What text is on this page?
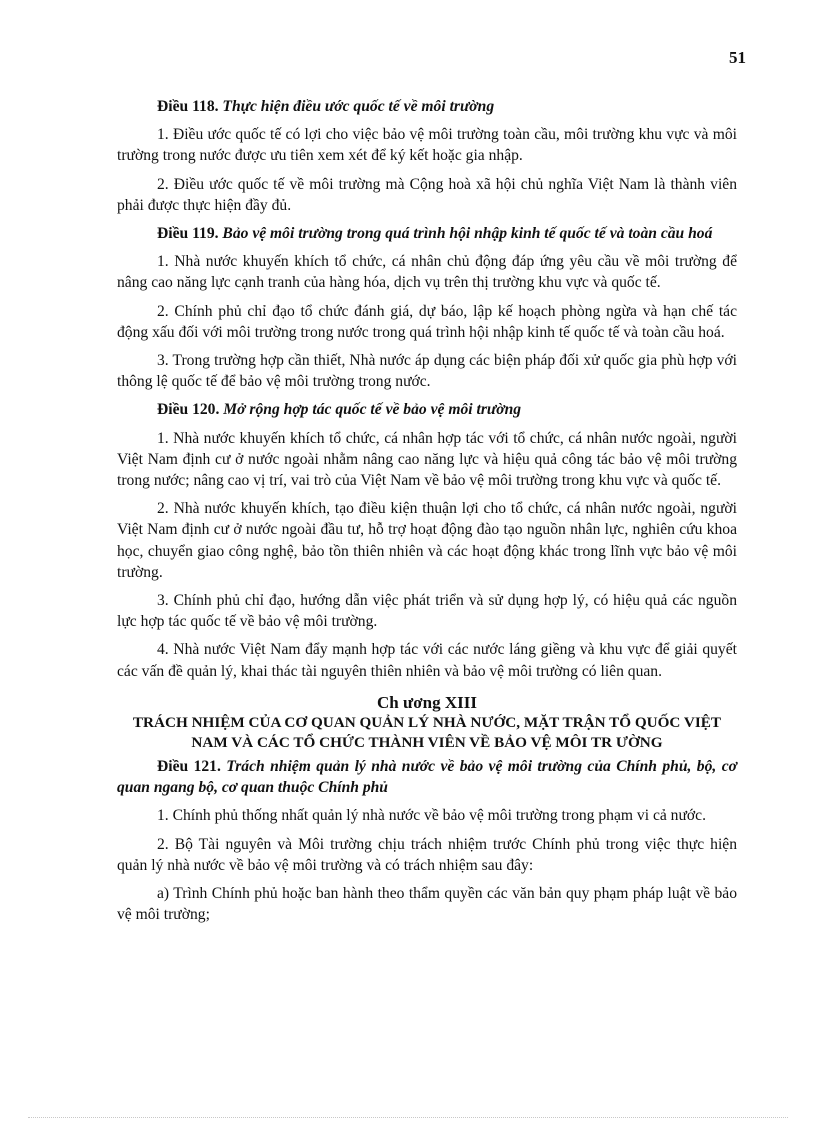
51

Điều 118. Thực hiện điều ước quốc tế về môi trường

1. Điều ước quốc tế có lợi cho việc bảo vệ môi trường toàn cầu, môi trường khu vực và môi trường trong nước được ưu tiên xem xét để ký kết hoặc gia nhập.

2. Điều ước quốc tế về môi trường mà Cộng hoà xã hội chủ nghĩa Việt Nam là thành viên phải được thực hiện đầy đủ.

Điều 119. Bảo vệ môi trường trong quá trình hội nhập kinh tế quốc tế và toàn cầu hoá

1. Nhà nước khuyến khích tổ chức, cá nhân chủ động đáp ứng yêu cầu về môi trường để nâng cao năng lực cạnh tranh của hàng hóa, dịch vụ trên thị trường khu vực và quốc tế.

2. Chính phủ chỉ đạo tổ chức đánh giá, dự báo, lập kế hoạch phòng ngừa và hạn chế tác động xấu đối với môi trường trong nước trong quá trình hội nhập kinh tế quốc tế và toàn cầu hoá.

3. Trong trường hợp cần thiết, Nhà nước áp dụng các biện pháp đối xử quốc gia phù hợp với thông lệ quốc tế để bảo vệ môi trường trong nước.

Điều 120. Mở rộng hợp tác quốc tế về bảo vệ môi trường

1. Nhà nước khuyến khích tổ chức, cá nhân hợp tác với tổ chức, cá nhân nước ngoài, người Việt Nam định cư ở nước ngoài nhằm nâng cao năng lực và hiệu quả công tác bảo vệ môi trường trong nước; nâng cao vị trí, vai trò của Việt Nam về bảo vệ môi trường trong khu vực và quốc tế.

2. Nhà nước khuyến khích, tạo điều kiện thuận lợi cho tổ chức, cá nhân nước ngoài, người Việt Nam định cư ở nước ngoài đầu tư, hỗ trợ hoạt động đào tạo nguồn nhân lực, nghiên cứu khoa học, chuyển giao công nghệ, bảo tồn thiên nhiên và các hoạt động khác trong lĩnh vực bảo vệ môi trường.

3. Chính phủ chỉ đạo, hướng dẫn việc phát triển và sử dụng hợp lý, có hiệu quả các nguồn lực hợp tác quốc tế về bảo vệ môi trường.

4. Nhà nước Việt Nam đẩy mạnh hợp tác với các nước láng giềng và khu vực để giải quyết các vấn đề quản lý, khai thác tài nguyên thiên nhiên và bảo vệ môi trường có liên quan.

Ch ương XIII
TRÁCH NHIỆM CỦA CƠ QUAN QUẢN LÝ NHÀ NƯỚC, MẶT TRẬN TỔ QUỐC VIỆT NAM VÀ CÁC TỔ CHỨC THÀNH VIÊN VỀ BẢO VỆ MÔI TR ƯỜNG

Điều 121. Trách nhiệm quản lý nhà nước về bảo vệ môi trường của Chính phủ, bộ, cơ quan ngang bộ, cơ quan thuộc Chính phủ

1. Chính phủ thống nhất quản lý nhà nước về bảo vệ môi trường trong phạm vi cả nước.

2. Bộ Tài nguyên và Môi trường chịu trách nhiệm trước Chính phủ trong việc thực hiện quản lý nhà nước về bảo vệ môi trường và có trách nhiệm sau đây:

a) Trình Chính phủ hoặc ban hành theo thẩm quyền các văn bản quy phạm pháp luật về bảo vệ môi trường;
